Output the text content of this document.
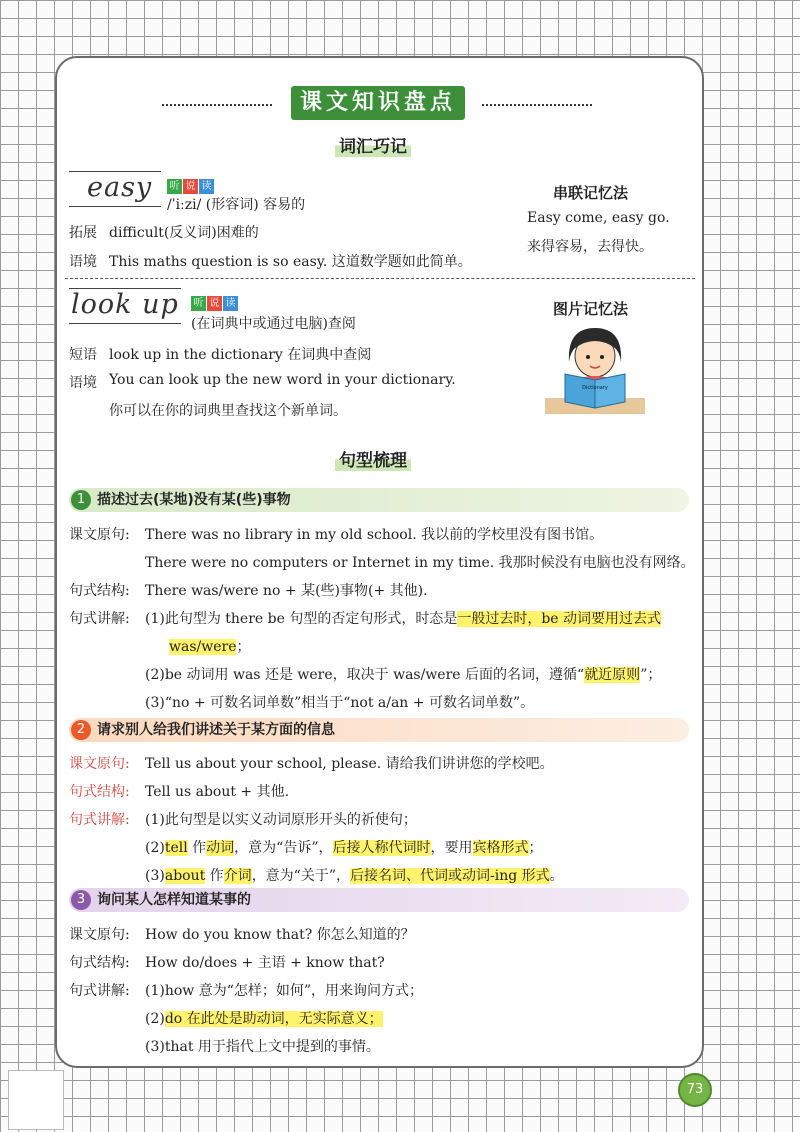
课文知识盘点
词汇巧记
easy 听 说 读
/ˈiːzi/ (形容词) 容易的
拓展 difficult(反义词)困难的
语境 This maths question is so easy. 这道数学题如此简单。
串联记忆法
Easy come, easy go.
来得容易，去得快。
look up 听 说 读
(在词典中或通过电脑)查阅
短语 look up in the dictionary 在词典中查阅
语境 You can look up the new word in your dictionary.
你可以在你的词典里查找这个新单词。
图片记忆法
Dictionary
句型梳理
1 描述过去(某地)没有某(些)事物
课文原句: There was no library in my old school. 我以前的学校里没有图书馆。
There were no computers or Internet in my time. 我那时候没有电脑也没有网络。
句式结构: There was/were no + 某(些)事物(+ 其他).
句式讲解: (1)此句型为 there be 句型的否定句形式，时态是一般过去时，be 动词要用过去式
was/were；
(2)be 动词用 was 还是 were，取决于 was/were 后面的名词，遵循“就近原则”；
(3)“no + 可数名词单数”相当于“not a/an + 可数名词单数”。
2 请求别人给我们讲述关于某方面的信息
课文原句: Tell us about your school, please. 请给我们讲讲您的学校吧。
句式结构: Tell us about + 其他.
句式讲解: (1)此句型是以实义动词原形开头的祈使句；
(2)tell 作动词，意为“告诉”，后接人称代词时，要用宾格形式；
(3)about 作介词，意为“关于”，后接名词、代词或动词-ing 形式。
3 询问某人怎样知道某事的
课文原句: How do you know that? 你怎么知道的？
句式结构: How do/does + 主语 + know that?
句式讲解: (1)how 意为“怎样；如何”，用来询问方式；
(2)do 在此处是助动词，无实际意义；
(3)that 用于指代上文中提到的事情。
73
